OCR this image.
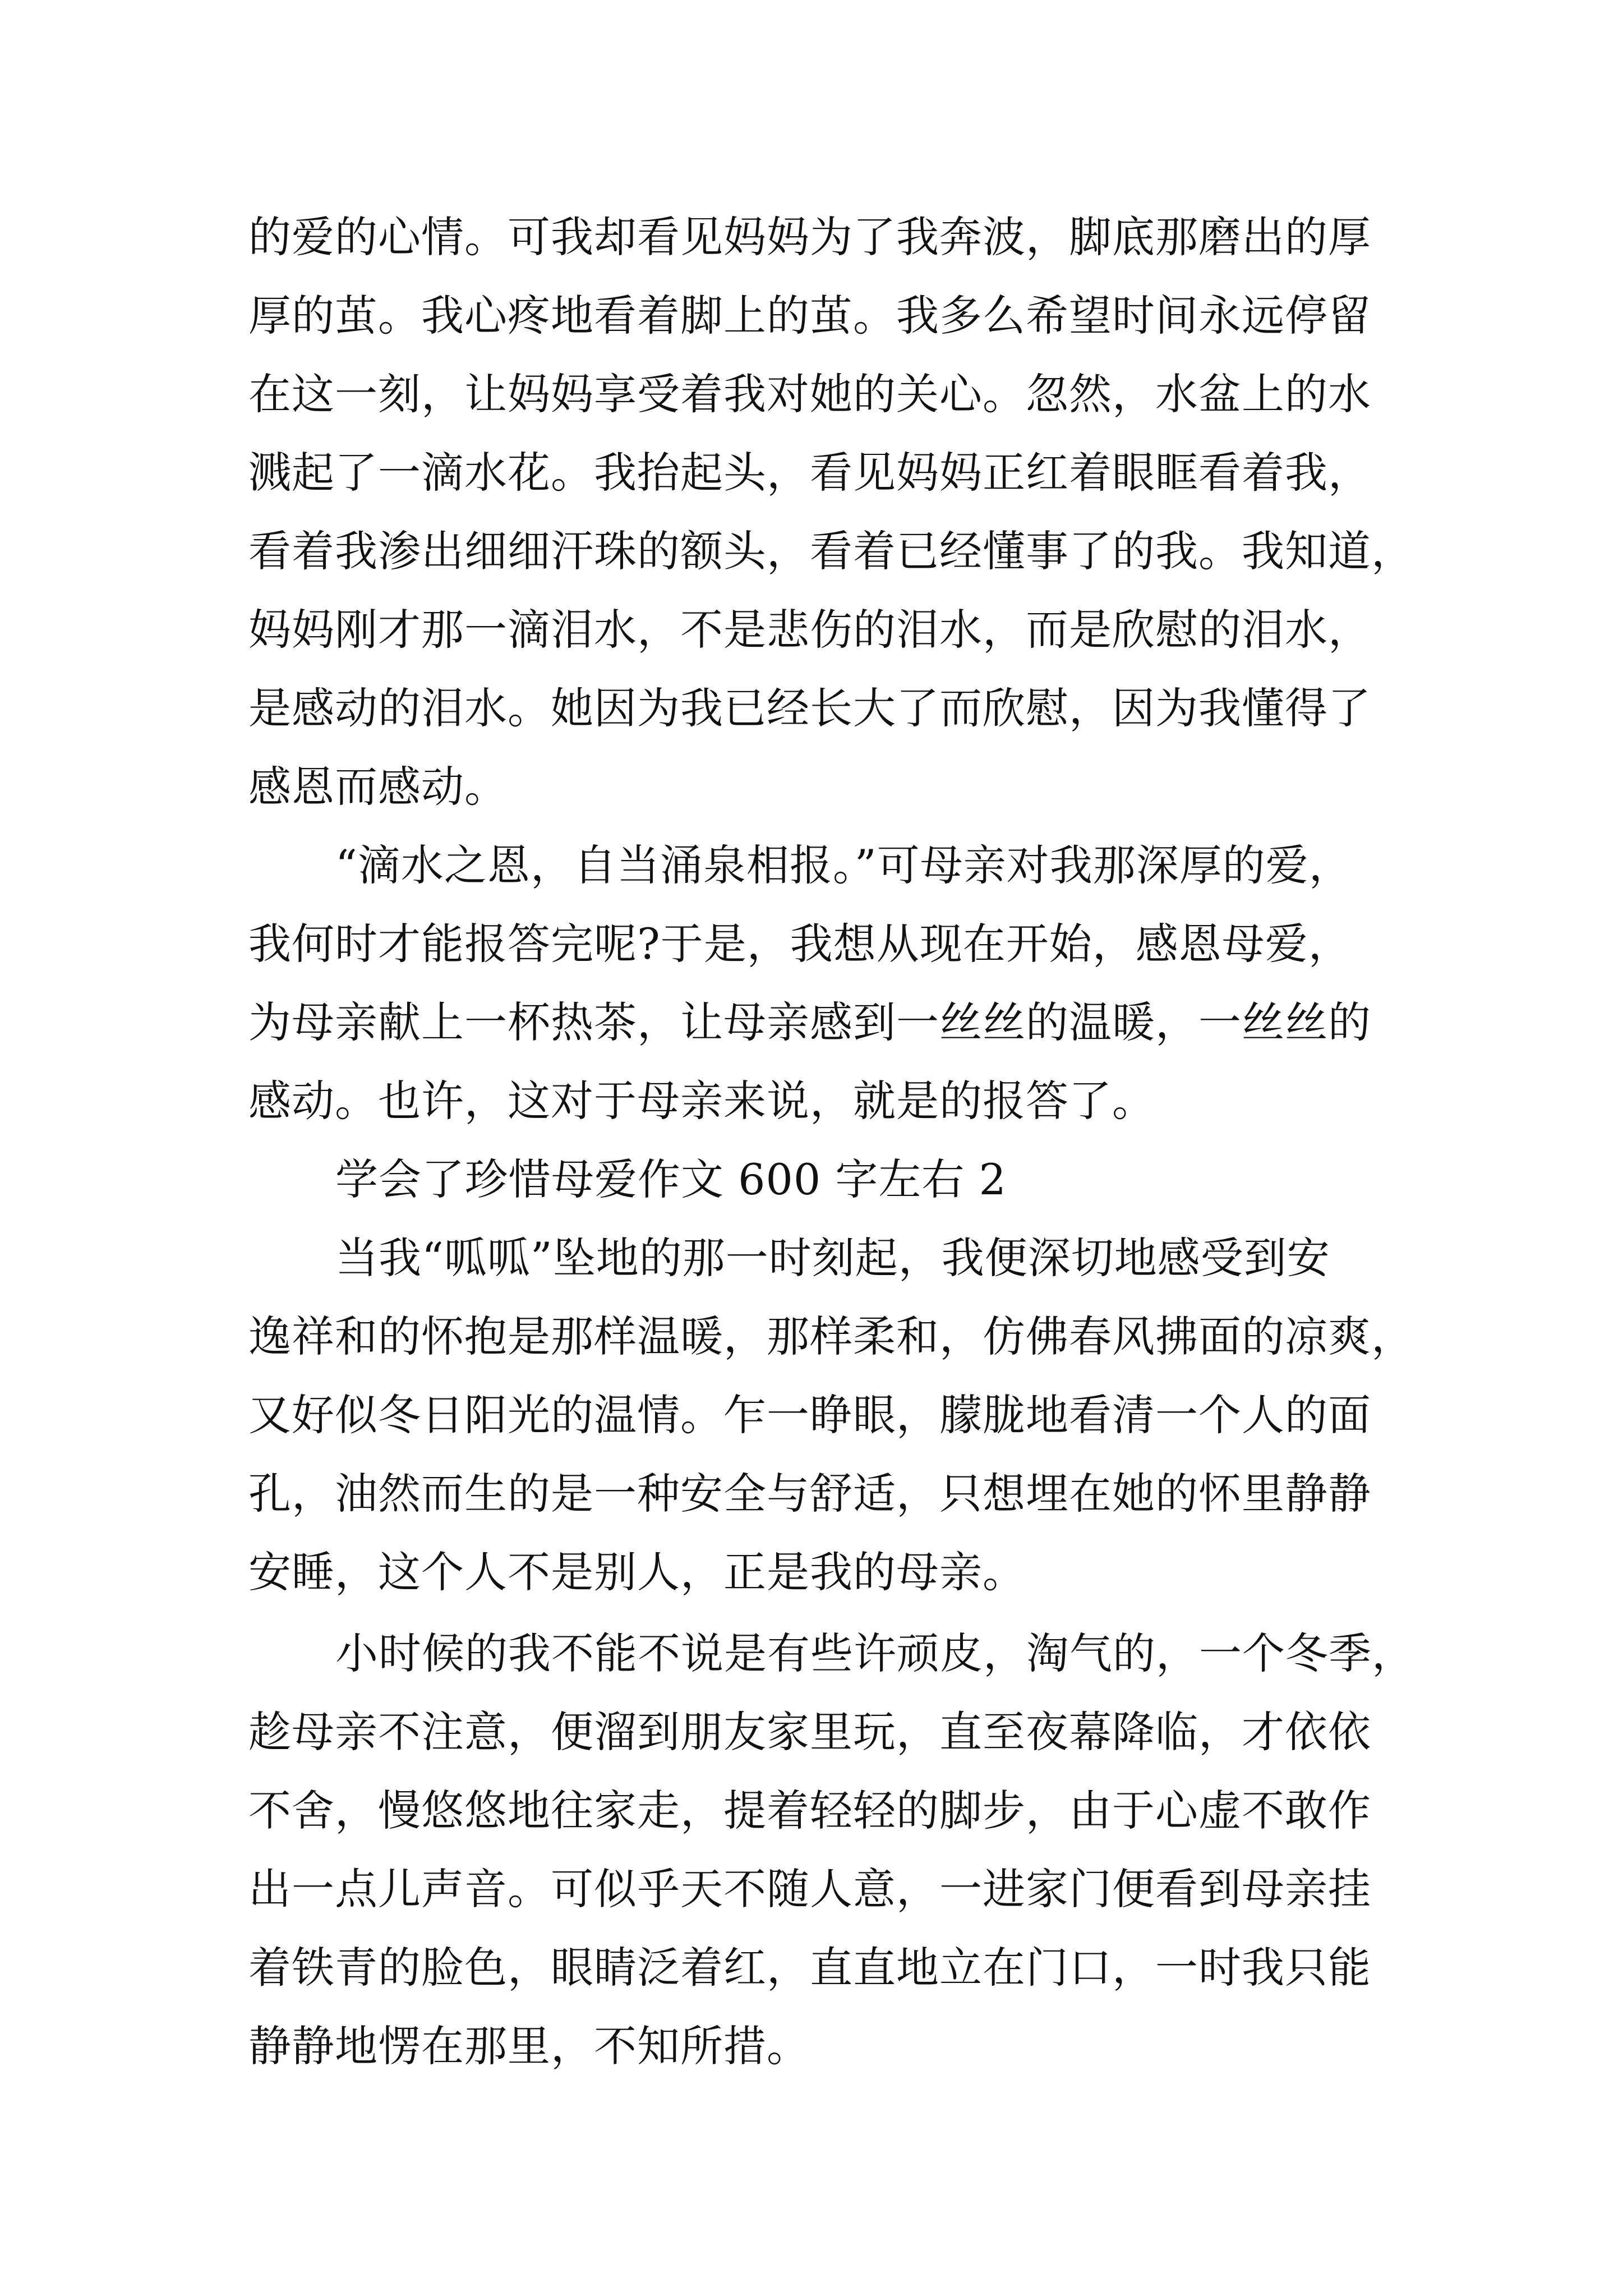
的爱的心情。可我却看见妈妈为了我奔波，脚底那磨出的厚
厚的茧。我心疼地看着脚上的茧。我多么希望时间永远停留
在这一刻，让妈妈享受着我对她的关心。忽然，水盆上的水
溅起了一滴水花。我抬起头，看见妈妈正红着眼眶看着我，
看着我渗出细细汗珠的额头，看着已经懂事了的我。我知道，
妈妈刚才那一滴泪水，不是悲伤的泪水，而是欣慰的泪水，
是感动的泪水。她因为我已经长大了而欣慰，因为我懂得了
感恩而感动。
“滴水之恩，自当涌泉相报。”可母亲对我那深厚的爱，
我何时才能报答完呢?于是，我想从现在开始，感恩母爱，
为母亲献上一杯热茶，让母亲感到一丝丝的温暖，一丝丝的
感动。也许，这对于母亲来说，就是的报答了。
学会了珍惜母爱作文 600 字左右 2
当我“呱呱”坠地的那一时刻起，我便深切地感受到安
逸祥和的怀抱是那样温暖，那样柔和，仿佛春风拂面的凉爽，
又好似冬日阳光的温情。乍一睁眼，朦胧地看清一个人的面
孔，油然而生的是一种安全与舒适，只想埋在她的怀里静静
安睡，这个人不是别人，正是我的母亲。
小时候的我不能不说是有些许顽皮，淘气的，一个冬季，
趁母亲不注意，便溜到朋友家里玩，直至夜幕降临，才依依
不舍，慢悠悠地往家走，提着轻轻的脚步，由于心虚不敢作
出一点儿声音。可似乎天不随人意，一进家门便看到母亲挂
着铁青的脸色，眼睛泛着红，直直地立在门口，一时我只能
静静地愣在那里，不知所措。
